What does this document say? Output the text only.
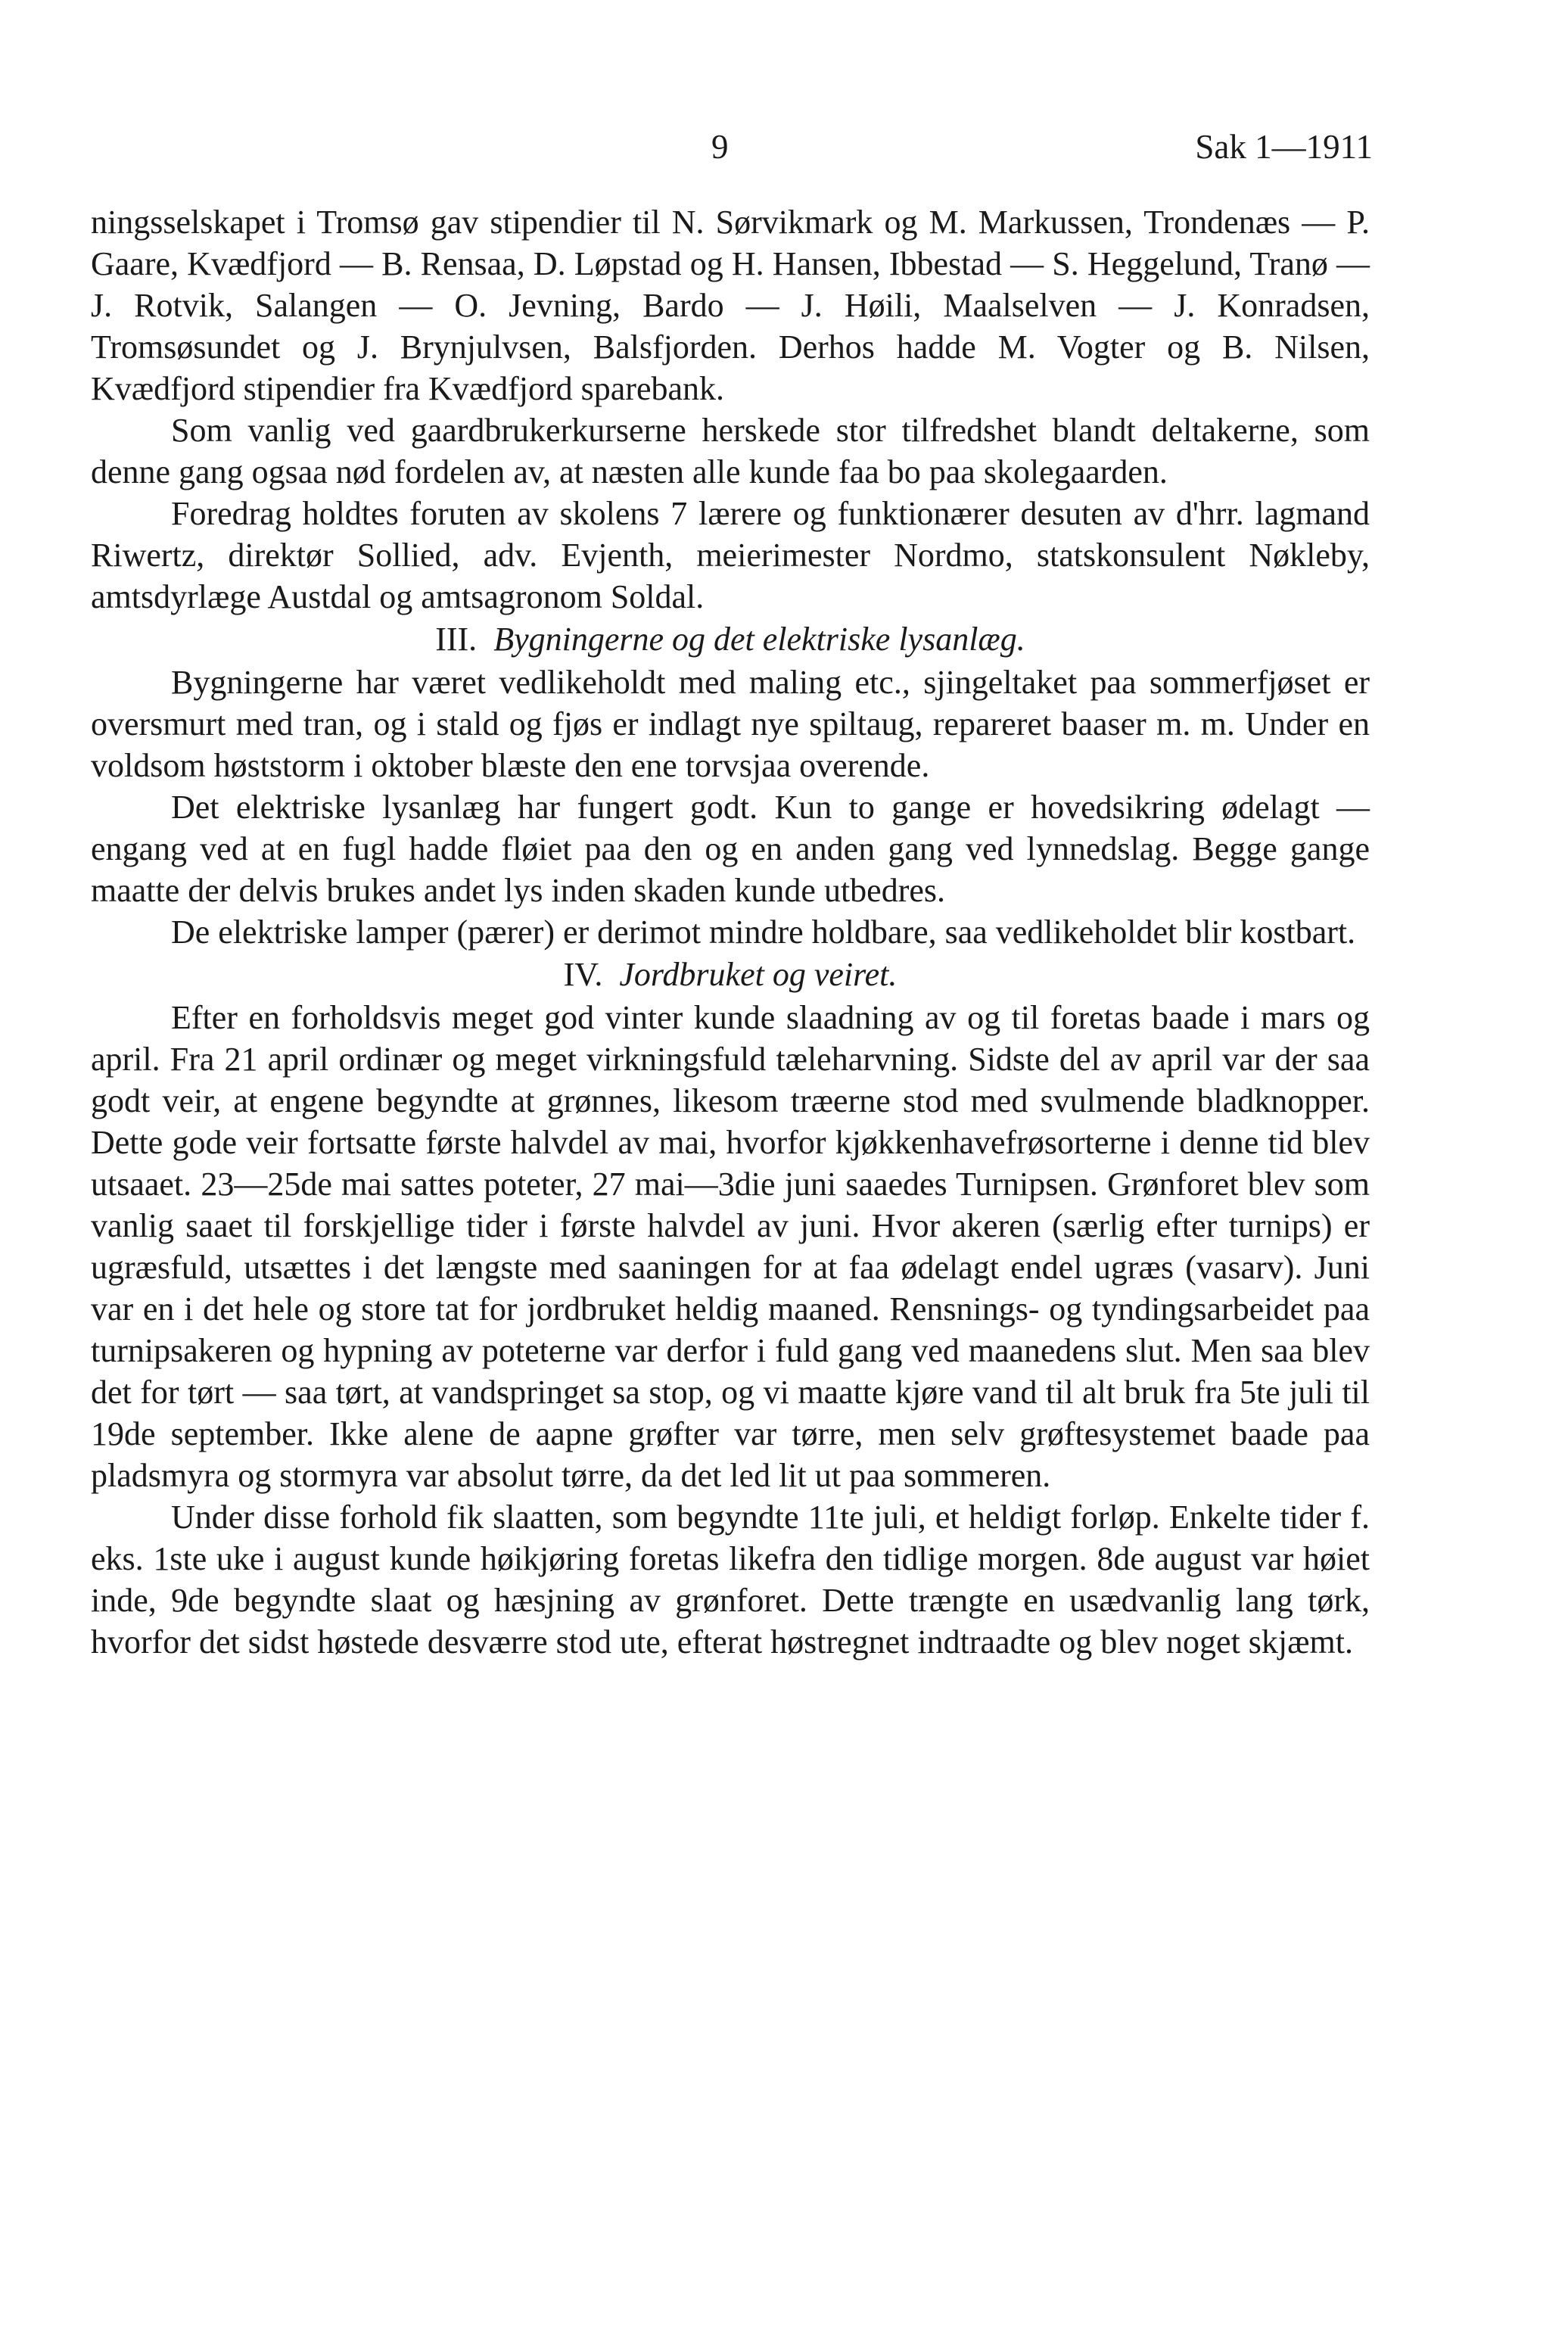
9	Sak 1—1911

ningsselskapet i Tromsø gav stipendier til N. Sørvikmark og M. Markussen, Trondenæs — P. Gaare, Kvædfjord — B. Rensaa, D. Løpstad og H. Hansen, Ibbestad — S. Heggelund, Tranø — J. Rotvik, Salangen — O. Jevning, Bardo — J. Høili, Maalselven — J. Konradsen, Tromsøsundet og J. Brynjulvsen, Balsfjorden. Derhos hadde M. Vogter og B. Nilsen, Kvædfjord stipendier fra Kvædfjord sparebank.

Som vanlig ved gaardbrukerkurserne herskede stor tilfredshet blandt deltakerne, som denne gang ogsaa nød fordelen av, at næsten alle kunde faa bo paa skolegaarden.

Foredrag holdtes foruten av skolens 7 lærere og funktionærer desuten av d'hrr. lagmand Riwertz, direktør Sollied, adv. Evjenth, meierimester Nordmo, statskonsulent Nøkleby, amtsdyrlæge Austdal og amtsagronom Soldal.

III. Bygningerne og det elektriske lysanlæg.

Bygningerne har været vedlikeholdt med maling etc., sjingeltaket paa sommerfjøset er oversmurt med tran, og i stald og fjøs er indlagt nye spiltaug, repareret baaser m. m. Under en voldsom høststorm i oktober blæste den ene torvsjaa overende.

Det elektriske lysanlæg har fungert godt. Kun to gange er hovedsikring ødelagt — engang ved at en fugl hadde fløiet paa den og en anden gang ved lynnedslag. Begge gange maatte der delvis brukes andet lys inden skaden kunde utbedres.

De elektriske lamper (pærer) er derimot mindre holdbare, saa vedlikeholdet blir kostbart.

IV. Jordbruket og veiret.

Efter en forholdsvis meget god vinter kunde slaadning av og til foretas baade i mars og april. Fra 21 april ordinær og meget virkningsfuld tæleharvning. Sidste del av april var der saa godt veir, at engene begyndte at grønnes, likesom træerne stod med svulmende bladknopper. Dette gode veir fortsatte første halvdel av mai, hvorfor kjøkkenhavefrøsorterne i denne tid blev utsaaet. 23—25de mai sattes poteter, 27 mai—3die juni saaedes Turnipsen. Grønforet blev som vanlig saaet til forskjellige tider i første halvdel av juni. Hvor akeren (særlig efter turnips) er ugræsfuld, utsættes i det længste med saaningen for at faa ødelagt endel ugræs (vasarv). Juni var en i det hele og store tat for jordbruket heldig maaned. Rensnings- og tyndingsarbeidet paa turnipsakeren og hypning av poteterne var derfor i fuld gang ved maanedens slut. Men saa blev det for tørt — saa tørt, at vandspringet sa stop, og vi maatte kjøre vand til alt bruk fra 5te juli til 19de september. Ikke alene de aapne grøfter var tørre, men selv grøftesystemet baade paa pladsmyra og stormyra var absolut tørre, da det led lit ut paa sommeren.

Under disse forhold fik slaatten, som begyndte 11te juli, et heldigt forløp. Enkelte tider f. eks. 1ste uke i august kunde høikjøring foretas likefra den tidlige morgen. 8de august var høiet inde, 9de begyndte slaat og hæsjning av grønforet. Dette trængte en usædvanlig lang tørk, hvorfor det sidst høstede desværre stod ute, efterat høstregnet indtraadte og blev noget skjæmt.
